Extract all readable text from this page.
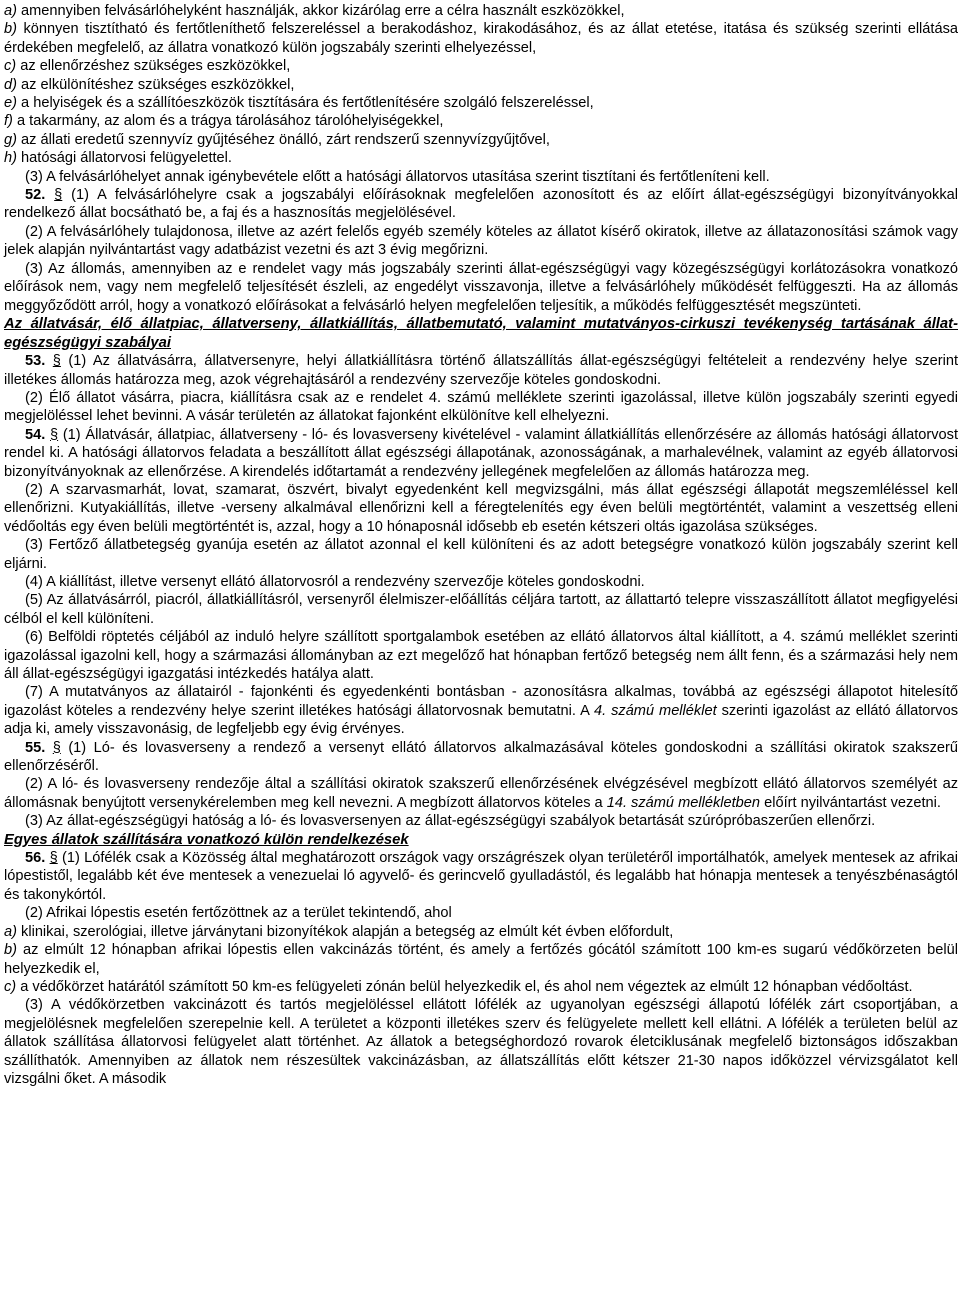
a) amennyiben felvásárlóhelyként használják, akkor kizárólag erre a célra használt eszközökkel,

b) könnyen tisztítható és fertőtleníthető felszereléssel a berakodáshoz, kirakodásához, és az állat etetése, itatása és szükség szerinti ellátása érdekében megfelelő, az állatra vonatkozó külön jogszabály szerinti elhelyezéssel,

c) az ellenőrzéshez szükséges eszközökkel,

d) az elkülönítéshez szükséges eszközökkel,

e) a helyiségek és a szállítóeszközök tisztítására és fertőtlenítésére szolgáló felszereléssel,

f) a takarmány, az alom és a trágya tárolásához tárolóhelyiségekkel,

g) az állati eredetű szennyvíz gyűjtéséhez önálló, zárt rendszerű szennyvízgyűjtővel,

h) hatósági állatorvosi felügyelettel.

(3) A felvásárlóhelyet annak igénybevétele előtt a hatósági állatorvos utasítása szerint tisztítani és fertőtleníteni kell.

52. § (1) A felvásárlóhelyre csak a jogszabályi előírásoknak megfelelően azonosított és az előírt állat-egészségügyi bizonyítványokkal rendelkező állat bocsátható be, a faj és a hasznosítás megjelölésével.

(2) A felvásárlóhely tulajdonosa, illetve az azért felelős egyéb személy köteles az állatot kísérő okiratok, illetve az állatazonosítási számok vagy jelek alapján nyilvántartást vagy adatbázist vezetni és azt 3 évig megőrizni.

(3) Az állomás, amennyiben az e rendelet vagy más jogszabály szerinti állat-egészségügyi vagy közegészségügyi korlátozásokra vonatkozó előírások nem, vagy nem megfelelő teljesítését észleli, az engedélyt visszavonja, illetve a felvásárlóhely működését felfüggeszti. Ha az állomás meggyőződött arról, hogy a vonatkozó előírásokat a felvásárló helyen megfelelően teljesítik, a működés felfüggesztését megszünteti.

Az állatvásár, élő állatpiac, állatverseny, állatkiállítás, állatbemutató, valamint mutatványos-cirkuszi tevékenység tartásának állat-egészségügyi szabályai

53. § (1) Az állatvásárra, állatversenyre, helyi állatkiállításra történő állatszállítás állat-egészségügyi feltételeit a rendezvény helye szerint illetékes állomás határozza meg, azok végrehajtásáról a rendezvény szervezője köteles gondoskodni.

(2) Élő állatot vásárra, piacra, kiállításra csak az e rendelet 4. számú melléklete szerinti igazolással, illetve külön jogszabály szerinti egyedi megjelöléssel lehet bevinni. A vásár területén az állatokat fajonként elkülönítve kell elhelyezni.

54. § (1) Állatvásár, állatpiac, állatverseny - ló- és lovasverseny kivételével - valamint állatkiállítás ellenőrzésére az állomás hatósági állatorvost rendel ki. A hatósági állatorvos feladata a beszállított állat egészségi állapotának, azonosságának, a marhalevélnek, valamint az egyéb állatorvosi bizonyítványoknak az ellenőrzése. A kirendelés időtartamát a rendezvény jellegének megfelelően az állomás határozza meg.

(2) A szarvasmarhát, lovat, szamarat, öszvért, bivalyt egyedenként kell megvizsgálni, más állat egészségi állapotát megszemléléssel kell ellenőrizni. Kutyakiállítás, illetve -verseny alkalmával ellenőrizni kell a féregtelenítés egy éven belüli megtörténtét, valamint a veszettség elleni védőoltás egy éven belüli megtörténtét is, azzal, hogy a 10 hónaposnál idősebb eb esetén kétszeri oltás igazolása szükséges.

(3) Fertőző állatbetegség gyanúja esetén az állatot azonnal el kell különíteni és az adott betegségre vonatkozó külön jogszabály szerint kell eljárni.

(4) A kiállítást, illetve versenyt ellátó állatorvosról a rendezvény szervezője köteles gondoskodni.

(5) Az állatvásárról, piacról, állatkiállításról, versenyről élelmiszer-előállítás céljára tartott, az állattartó telepre visszaszállított állatot megfigyelési célból el kell különíteni.

(6) Belföldi röptetés céljából az induló helyre szállított sportgalambok esetében az ellátó állatorvos által kiállított, a 4. számú melléklet szerinti igazolással igazolni kell, hogy a származási állományban az ezt megelőző hat hónapban fertőző betegség nem állt fenn, és a származási hely nem áll állat-egészségügyi igazgatási intézkedés hatálya alatt.

(7) A mutatványos az állatairól - fajonkénti és egyedenkénti bontásban - azonosításra alkalmas, továbbá az egészségi állapotot hitelesítő igazolást köteles a rendezvény helye szerint illetékes hatósági állatorvosnak bemutatni. A 4. számú melléklet szerinti igazolást az ellátó állatorvos adja ki, amely visszavonásig, de legfeljebb egy évig érvényes.

55. § (1) Ló- és lovasverseny a rendező a versenyt ellátó állatorvos alkalmazásával köteles gondoskodni a szállítási okiratok szakszerű ellenőrzéséről.

(2) A ló- és lovasverseny rendezője által a szállítási okiratok szakszerű ellenőrzésének elvégzésével megbízott ellátó állatorvos személyét az állomásnak benyújtott versenykérelemben meg kell nevezni. A megbízott állatorvos köteles a 14. számú mellékletben előírt nyilvántartást vezetni.

(3) Az állat-egészségügyi hatóság a ló- és lovasversenyen az állat-egészségügyi szabályok betartását szúrópróbaszerűen ellenőrzi.

Egyes állatok szállítására vonatkozó külön rendelkezések

56. § (1) Lófélék csak a Közösség által meghatározott országok vagy országrészek olyan területéről importálhatók, amelyek mentesek az afrikai lópestistől, legalább két éve mentesek a venezuelai ló agyvelő- és gerincvelő gyulladástól, és legalább hat hónapja mentesek a tenyészbénaságtól és takonykórtól.

(2) Afrikai lópestis esetén fertőzöttnek az a terület tekintendő, ahol

a) klinikai, szerológiai, illetve járványtani bizonyítékok alapján a betegség az elmúlt két évben előfordult,

b) az elmúlt 12 hónapban afrikai lópestis ellen vakcinázás történt, és amely a fertőzés gócától számított 100 km-es sugarú védőkörzeten belül helyezkedik el,

c) a védőkörzet határától számított 50 km-es felügyeleti zónán belül helyezkedik el, és ahol nem végeztek az elmúlt 12 hónapban védőoltást.

(3) A védőkörzetben vakcinázott és tartós megjelöléssel ellátott lófélék az ugyanolyan egészségi állapotú lófélék zárt csoportjában, a megjelölésnek megfelelően szerepelnie kell. A területet a központi illetékes szerv és felügyelete mellett kell ellátni. A lófélék a területen belül az állatok szállítása állatorvosi felügyelet alatt történhet. Az állatok a betegséghordozó rovarok életciklusának megfelelő biztonságos időszakban szállíthatók. Amennyiben az állatok nem részesültek vakcinázásban, az állatszállítás előtt kétszer 21-30 napos időközzel vérvizsgálatot kell vizsgálni őket. A második
